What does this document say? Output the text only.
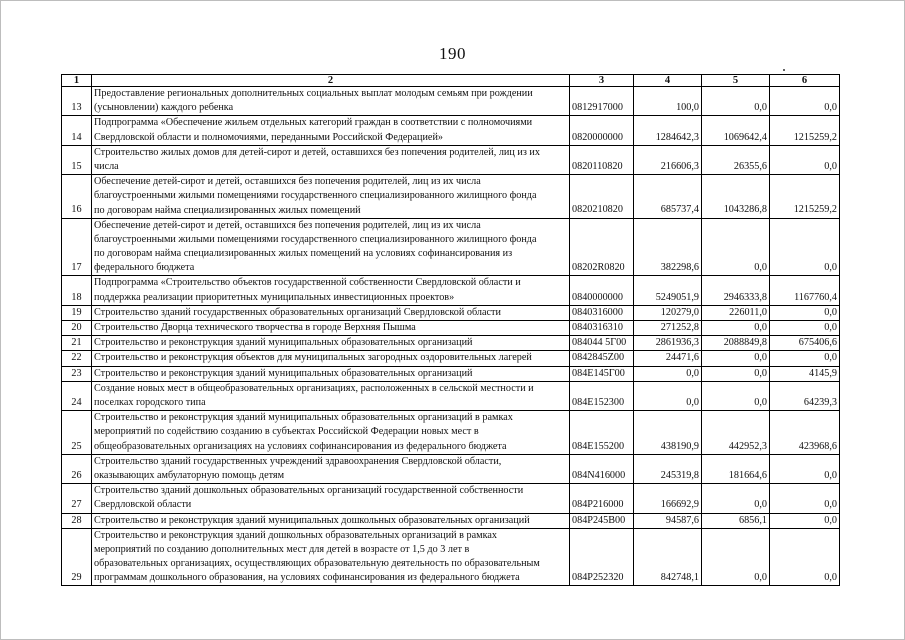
190
1	2	3	4	5	6
13	Предоставление региональных дополнительных социальных выплат молодым семьям при рождении
(усыновлении) каждого ребенка	0812917000	100,0	0,0	0,0
14	Подпрограмма «Обеспечение жильем отдельных категорий граждан в соответствии с полномочиями
Свердловской области и полномочиями, переданными Российской Федерацией»	0820000000	1284642,3	1069642,4	1215259,2
15	Строительство жилых домов для детей-сирот и детей, оставшихся без попечения родителей, лиц из их
числа	0820110820	216606,3	26355,6	0,0
16	Обеспечение детей-сирот и детей, оставшихся без попечения родителей, лиц из их числа
благоустроенными жилыми помещениями государственного специализированного жилищного фонда
по договорам найма специализированных жилых помещений	0820210820	685737,4	1043286,8	1215259,2
17	Обеспечение детей-сирот и детей, оставшихся без попечения родителей, лиц из их числа
благоустроенными жилыми помещениями государственного специализированного жилищного фонда
по договорам найма специализированных жилых помещений на условиях софинансирования из
федерального бюджета	08202R0820	382298,6	0,0	0,0
18	Подпрограмма «Строительство объектов государственной собственности Свердловской области и
поддержка реализации приоритетных муниципальных инвестиционных проектов»	0840000000	5249051,9	2946333,8	1167760,4
19	Строительство зданий государственных образовательных организаций Свердловской области	0840316000	120279,0	226011,0	0,0
20	Строительство Дворца технического творчества в городе Верхняя Пышма	0840316310	271252,8	0,0	0,0
21	Строительство и реконструкция зданий муниципальных образовательных организаций	084044 5Г00	2861936,3	2088849,8	675406,6
22	Строительство и реконструкция объектов для муниципальных загородных оздоровительных лагерей	0842845Z00	24471,6	0,0	0,0
23	Строительство и реконструкция зданий муниципальных образовательных организаций	084Е145Г00	0,0	0,0	4145,9
24	Создание новых мест в общеобразовательных организациях, расположенных в сельской местности и
поселках городского типа	084Е152300	0,0	0,0	64239,3
25	Строительство и реконструкция зданий муниципальных образовательных организаций в рамках
мероприятий по содействию созданию в субъектах Российской Федерации новых мест в
общеобразовательных организациях на условиях софинансирования из федерального бюджета	084Е155200	438190,9	442952,3	423968,6
26	Строительство зданий государственных учреждений здравоохранения Свердловской области,
оказывающих амбулаторную помощь детям	084N416000	245319,8	181664,6	0,0
27	Строительство зданий дошкольных образовательных организаций государственной собственности
Свердловской области	084P216000	166692,9	0,0	0,0
28	Строительство и реконструкция зданий муниципальных дошкольных образовательных организаций	084P245B00	94587,6	6856,1	0,0
29	Строительство и реконструкция зданий дошкольных образовательных организаций в рамках
мероприятий по созданию дополнительных мест для детей в возрасте от 1,5 до 3 лет в
образовательных организациях, осуществляющих образовательную деятельность по образовательным
программам дошкольного образования, на условиях софинансирования из федерального бюджета	084P252320	842748,1	0,0	0,0
